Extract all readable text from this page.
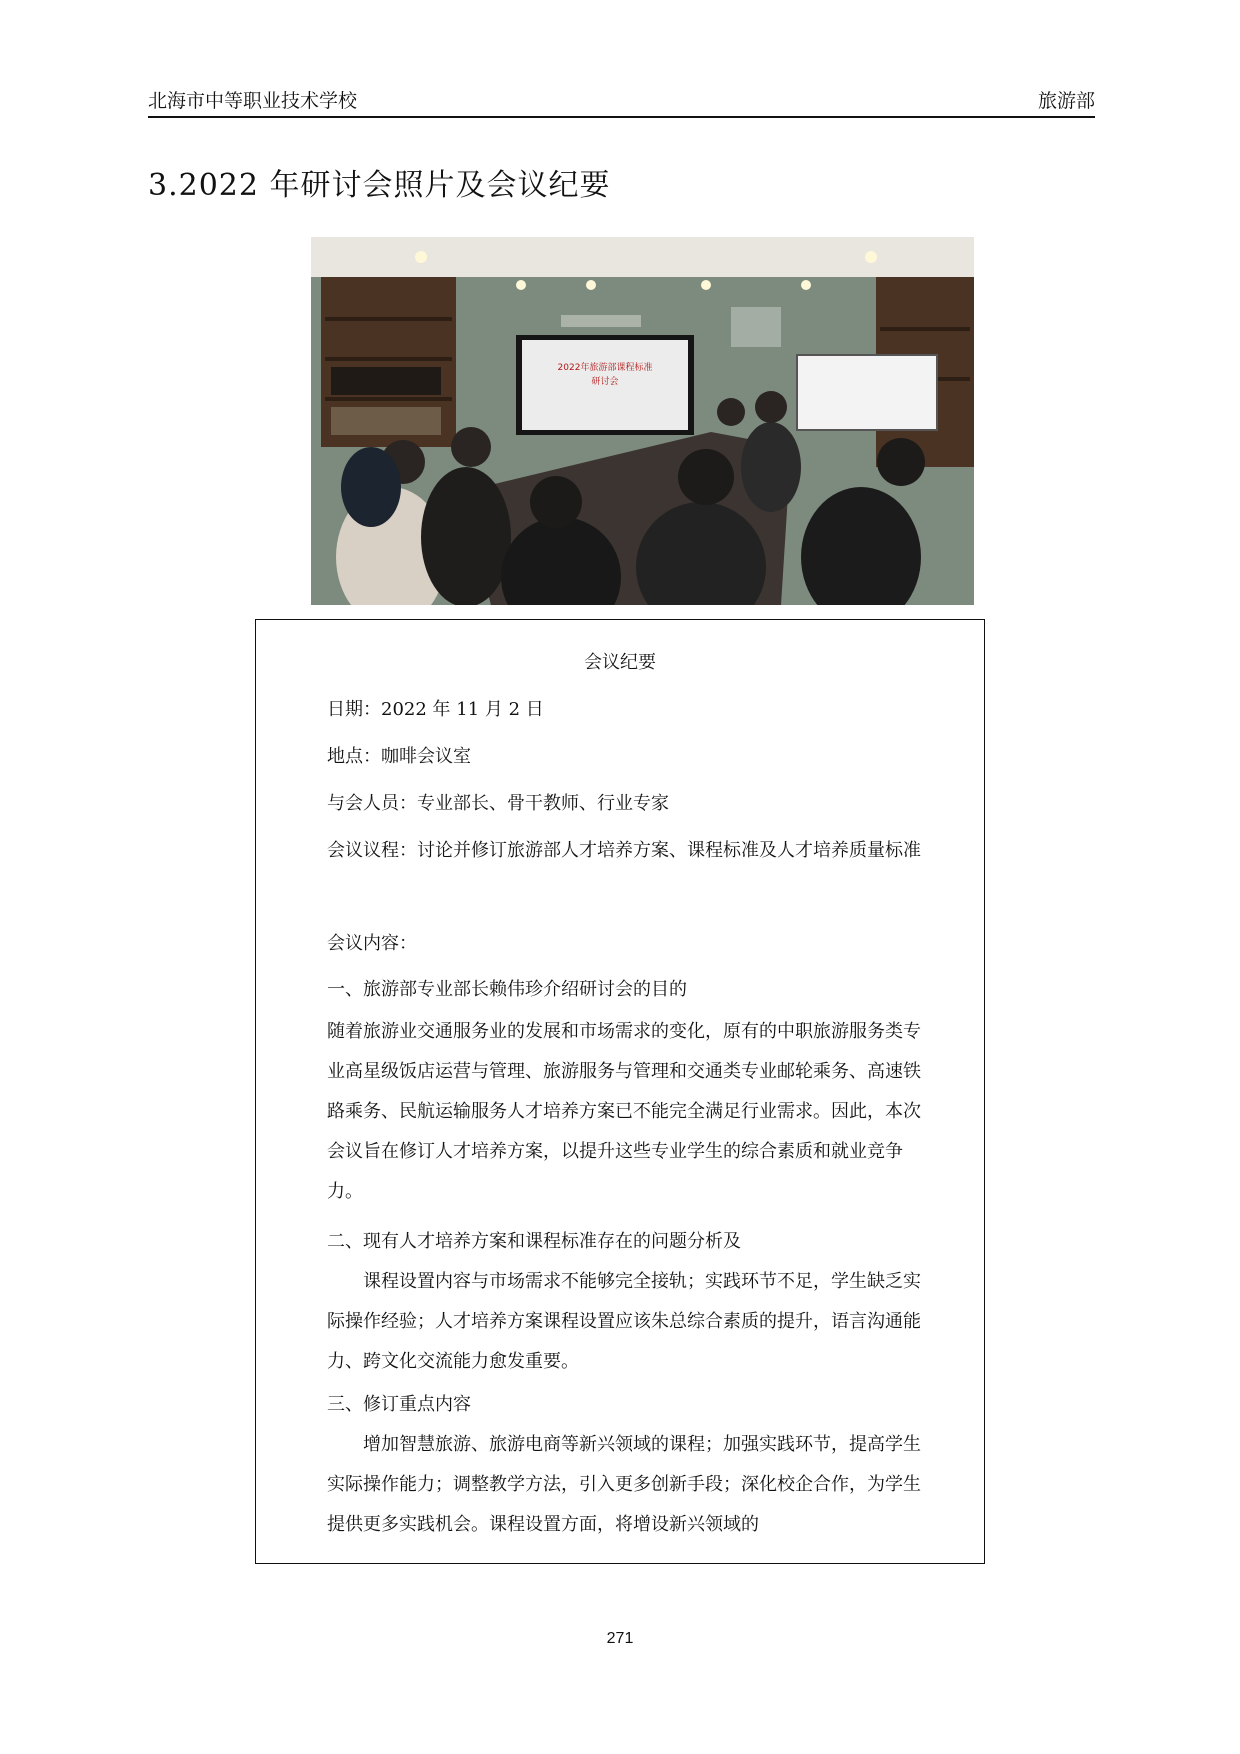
北海市中等职业技术学校	旅游部
3.2022 年研讨会照片及会议纪要
2022年旅游部课程标准
研讨会
会议纪要
日期：2022 年 11 月 2 日
地点：咖啡会议室
与会人员：专业部长、骨干教师、行业专家
会议议程：讨论并修订旅游部人才培养方案、课程标准及人才培养质量标准
会议内容：
一、旅游部专业部长赖伟珍介绍研讨会的目的
随着旅游业交通服务业的发展和市场需求的变化，原有的中职旅游服务类专业高星级饭店运营与管理、旅游服务与管理和交通类专业邮轮乘务、高速铁路乘务、民航运输服务人才培养方案已不能完全满足行业需求。因此，本次会议旨在修订人才培养方案，以提升这些专业学生的综合素质和就业竞争力。
二、现有人才培养方案和课程标准存在的问题分析及
课程设置内容与市场需求不能够完全接轨；实践环节不足，学生缺乏实际操作经验；人才培养方案课程设置应该朱总综合素质的提升，语言沟通能力、跨文化交流能力愈发重要。
三、修订重点内容
增加智慧旅游、旅游电商等新兴领域的课程；加强实践环节，提高学生实际操作能力；调整教学方法，引入更多创新手段；深化校企合作，为学生提供更多实践机会。课程设置方面，将增设新兴领域的
271
